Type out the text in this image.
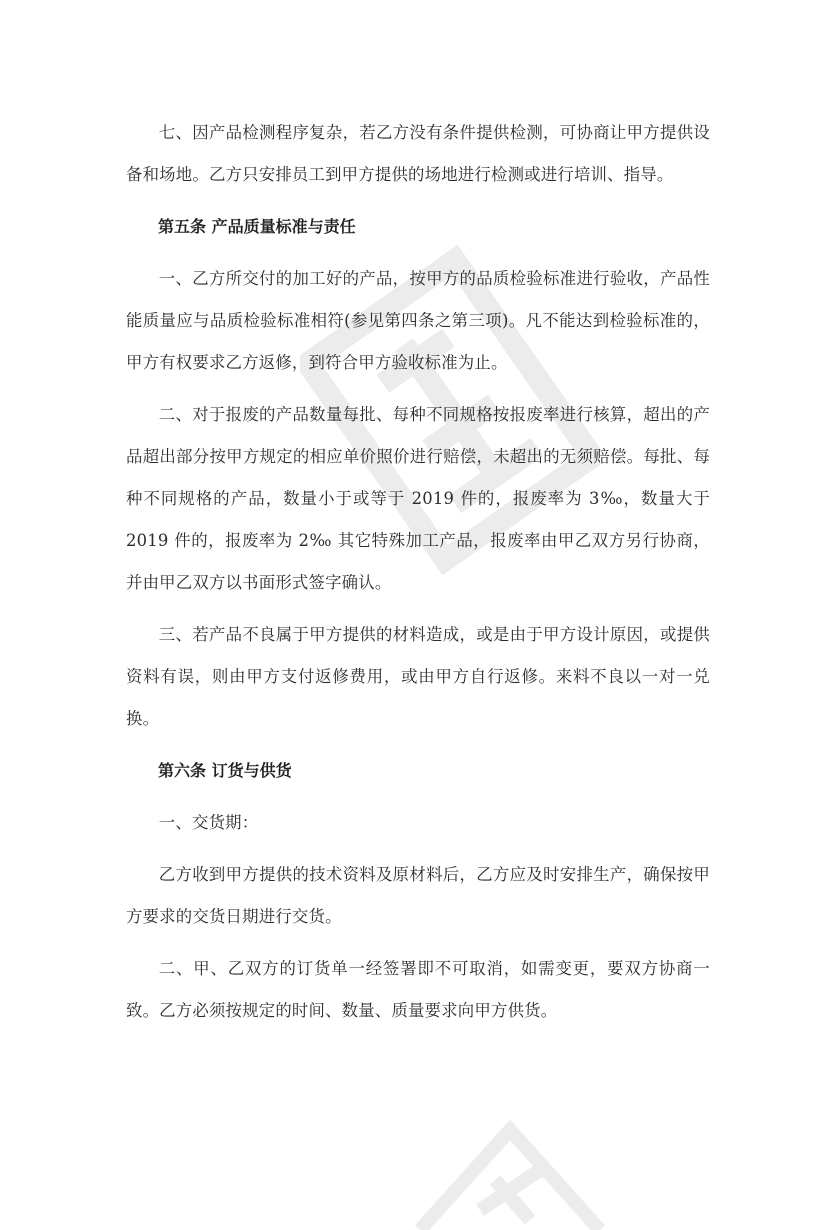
七、因产品检测程序复杂，若乙方没有条件提供检测，可协商让甲方提供设备和场地。乙方只安排员工到甲方提供的场地进行检测或进行培训、指导。

第五条 产品质量标准与责任

一、乙方所交付的加工好的产品，按甲方的品质检验标准进行验收，产品性能质量应与品质检验标准相符(参见第四条之第三项)。凡不能达到检验标准的，甲方有权要求乙方返修，到符合甲方验收标准为止。

二、对于报废的产品数量每批、每种不同规格按报废率进行核算，超出的产品超出部分按甲方规定的相应单价照价进行赔偿，未超出的无须赔偿。每批、每种不同规格的产品，数量小于或等于 2019 件的，报废率为 3‰，数量大于 2019 件的，报废率为 2‰ 其它特殊加工产品，报废率由甲乙双方另行协商，并由甲乙双方以书面形式签字确认。

三、若产品不良属于甲方提供的材料造成，或是由于甲方设计原因，或提供资料有误，则由甲方支付返修费用，或由甲方自行返修。来料不良以一对一兑换。

第六条 订货与供货

一、交货期：

乙方收到甲方提供的技术资料及原材料后，乙方应及时安排生产，确保按甲方要求的交货日期进行交货。

二、甲、乙双方的订货单一经签署即不可取消，如需变更，要双方协商一致。乙方必须按规定的时间、数量、质量要求向甲方供货。
